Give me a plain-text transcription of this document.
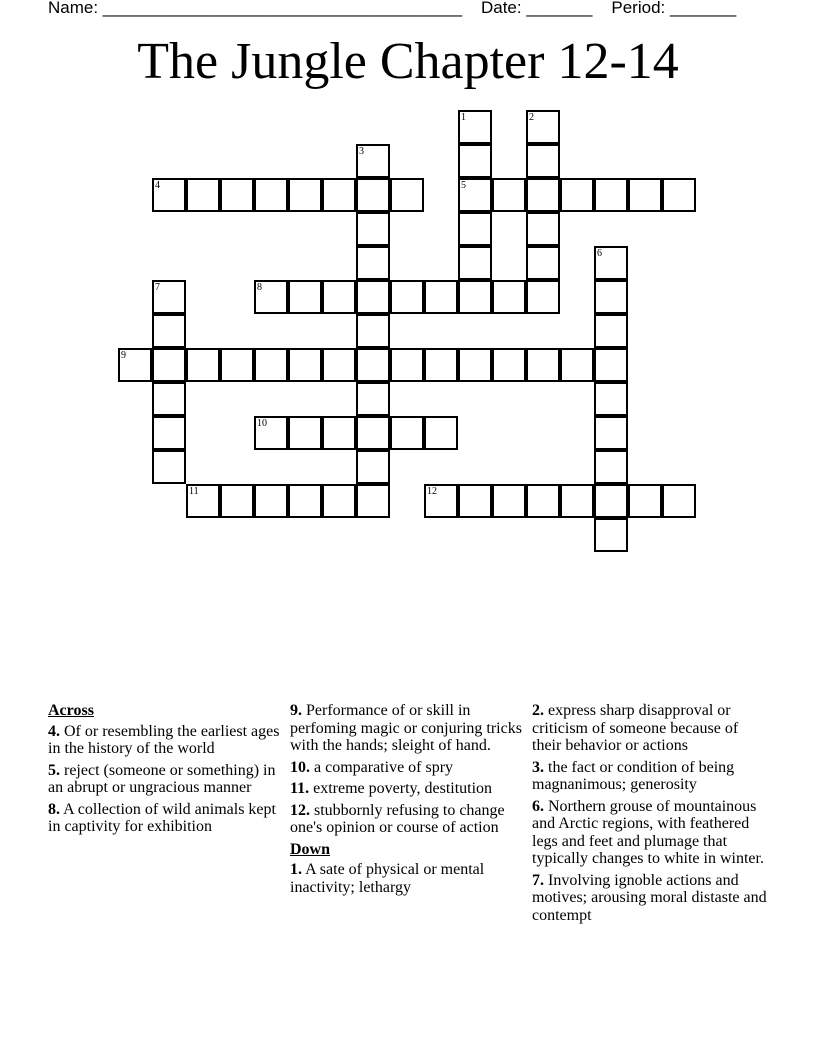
Name: ______________________________________    Date: _______    Period: _______
The Jungle Chapter 12-14
1
5
2
3
4
6
7	8
9
10
11	12
Across
4. Of or resembling the earliest ages in the history of the world
5. reject (someone or something) in an abrupt or ungracious manner
8. A collection of wild animals kept in captivity for exhibition
9. Performance of or skill in perfoming magic or conjuring tricks with the hands; sleight of hand.
10. a comparative of spry
11. extreme poverty, destitution
12. stubbornly refusing to change one's opinion or course of action
Down
1. A sate of physical or mental inactivity; lethargy
2. express sharp disapproval or criticism of someone because of their behavior or actions
3. the fact or condition of being magnanimous; generosity
6. Northern grouse of mountainous and Arctic regions, with feathered legs and feet and plumage that typically changes to white in winter.
7. Involving ignoble actions and motives; arousing moral distaste and contempt
